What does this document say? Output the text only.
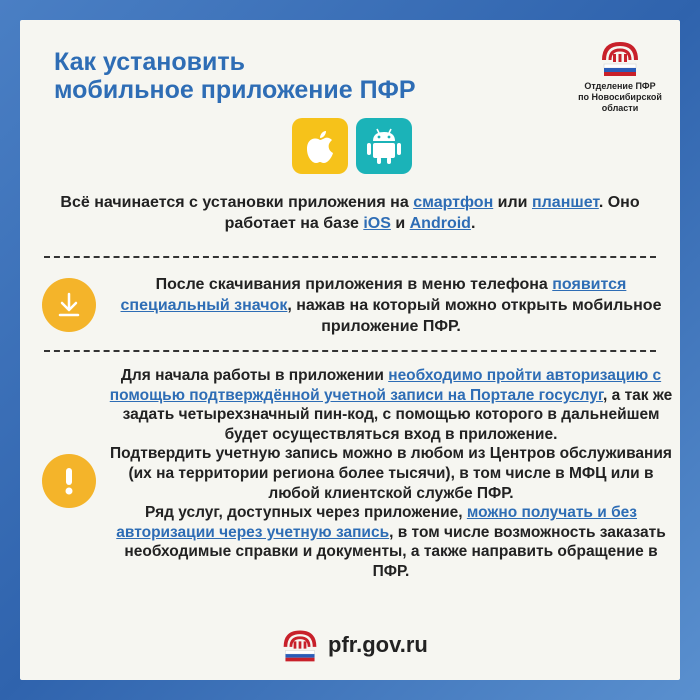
Как установить
мобильное приложение ПФР	Отделение ПФР
по Новосибирской
области
Всё начинается с установки приложения на смартфон или планшет. Оно работает на базе iOS и Android.
После скачивания приложения в меню телефона появится специальный значок, нажав на который можно открыть мобильное приложение ПФР.
Для начала работы в приложении необходимо пройти авторизацию с помощью подтверждённой учетной записи на Портале госуслуг, а так же задать четырехзначный пин-код, с помощью которого в дальнейшем будет осуществляться вход в приложение.
Подтвердить учетную запись можно в любом из Центров обслуживания (их на территории региона более тысячи), в том числе в МФЦ или в любой клиентской службе ПФР.
Ряд услуг, доступных через приложение, можно получать и без авторизации через учетную запись, в том числе возможность заказать необходимые справки и документы, а также направить обращение в ПФР.
pfr.gov.ru
